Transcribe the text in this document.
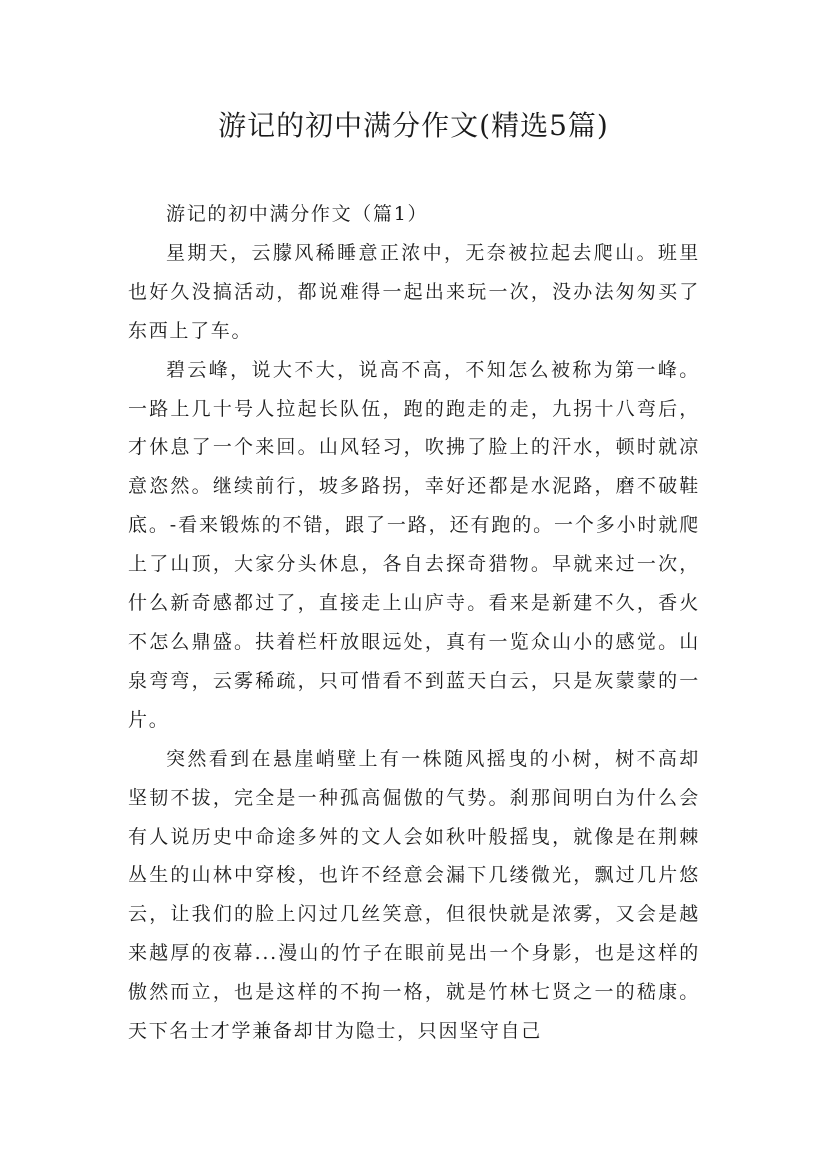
游记的初中满分作文(精选5篇)
游记的初中满分作文（篇1）

星期天，云朦风稀睡意正浓中，无奈被拉起去爬山。班里也好久没搞活动，都说难得一起出来玩一次，没办法匆匆买了东西上了车。

碧云峰，说大不大，说高不高，不知怎么被称为第一峰。一路上几十号人拉起长队伍，跑的跑走的走，九拐十八弯后，才休息了一个来回。山风轻习，吹拂了脸上的汗水，顿时就凉意恣然。继续前行，坡多路拐，幸好还都是水泥路，磨不破鞋底。-看来锻炼的不错，跟了一路，还有跑的。一个多小时就爬上了山顶，大家分头休息，各自去探奇猎物。早就来过一次，什么新奇感都过了，直接走上山庐寺。看来是新建不久，香火不怎么鼎盛。扶着栏杆放眼远处，真有一览众山小的感觉。山泉弯弯，云雾稀疏，只可惜看不到蓝天白云，只是灰蒙蒙的一片。

突然看到在悬崖峭壁上有一株随风摇曳的小树，树不高却坚韧不拔，完全是一种孤高倔傲的气势。刹那间明白为什么会有人说历史中命途多舛的文人会如秋叶般摇曳，就像是在荆棘丛生的山林中穿梭，也许不经意会漏下几缕微光，飘过几片悠云，让我们的脸上闪过几丝笑意，但很快就是浓雾，又会是越来越厚的夜幕...漫山的竹子在眼前晃出一个身影，也是这样的傲然而立，也是这样的不拘一格，就是竹林七贤之一的嵇康。天下名士才学兼备却甘为隐士，只因坚守自己
